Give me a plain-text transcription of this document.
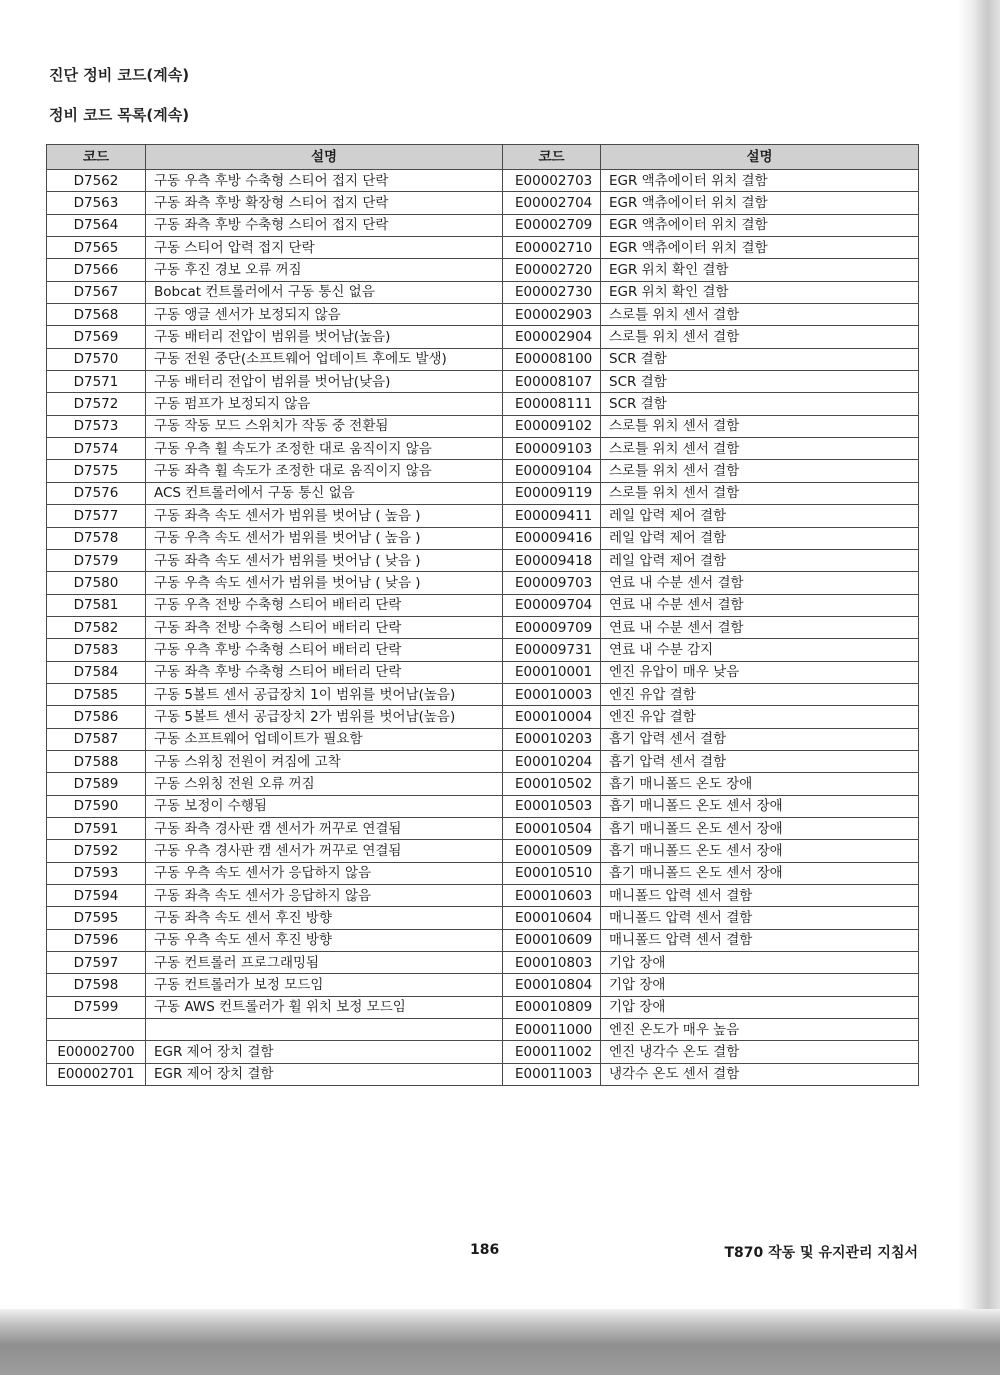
진단 정비 코드(계속)
정비 코드 목록(계속)
코드	설명	코드	설명
D7562	구동 우측 후방 수축형 스티어 접지 단락	E00002703	EGR 액츄에이터 위치 결함
D7563	구동 좌측 후방 확장형 스티어 접지 단락	E00002704	EGR 액츄에이터 위치 결함
D7564	구동 좌측 후방 수축형 스티어 접지 단락	E00002709	EGR 액츄에이터 위치 결함
D7565	구동 스티어 압력 접지 단락	E00002710	EGR 액츄에이터 위치 결함
D7566	구동 후진 경보 오류 꺼짐	E00002720	EGR 위치 확인 결함
D7567	Bobcat 컨트롤러에서 구동 통신 없음	E00002730	EGR 위치 확인 결함
D7568	구동 앵글 센서가 보정되지 않음	E00002903	스로틀 위치 센서 결함
D7569	구동 배터리 전압이 범위를 벗어남(높음)	E00002904	스로틀 위치 센서 결함
D7570	구동 전원 중단(소프트웨어 업데이트 후에도 발생)	E00008100	SCR 결함
D7571	구동 배터리 전압이 범위를 벗어남(낮음)	E00008107	SCR 결함
D7572	구동 펌프가 보정되지 않음	E00008111	SCR 결함
D7573	구동 작동 모드 스위치가 작동 중 전환됨	E00009102	스로틀 위치 센서 결함
D7574	구동 우측 휠 속도가 조정한 대로 움직이지 않음	E00009103	스로틀 위치 센서 결함
D7575	구동 좌측 휠 속도가 조정한 대로 움직이지 않음	E00009104	스로틀 위치 센서 결함
D7576	ACS 컨트롤러에서 구동 통신 없음	E00009119	스로틀 위치 센서 결함
D7577	구동 좌측 속도 센서가 범위를 벗어남 ( 높음 )	E00009411	레일 압력 제어 결함
D7578	구동 우측 속도 센서가 범위를 벗어남 ( 높음 )	E00009416	레일 압력 제어 결함
D7579	구동 좌측 속도 센서가 범위를 벗어남 ( 낮음 )	E00009418	레일 압력 제어 결함
D7580	구동 우측 속도 센서가 범위를 벗어남 ( 낮음 )	E00009703	연료 내 수분 센서 결함
D7581	구동 우측 전방 수축형 스티어 배터리 단락	E00009704	연료 내 수분 센서 결함
D7582	구동 좌측 전방 수축형 스티어 배터리 단락	E00009709	연료 내 수분 센서 결함
D7583	구동 우측 후방 수축형 스티어 배터리 단락	E00009731	연료 내 수분 감지
D7584	구동 좌측 후방 수축형 스티어 배터리 단락	E00010001	엔진 유압이 매우 낮음
D7585	구동 5볼트 센서 공급장치 1이 범위를 벗어남(높음)	E00010003	엔진 유압 결함
D7586	구동 5볼트 센서 공급장치 2가 범위를 벗어남(높음)	E00010004	엔진 유압 결함
D7587	구동 소프트웨어 업데이트가 필요함	E00010203	흡기 압력 센서 결함
D7588	구동 스위칭 전원이 켜짐에 고착	E00010204	흡기 압력 센서 결함
D7589	구동 스위칭 전원 오류 꺼짐	E00010502	흡기 매니폴드 온도 장애
D7590	구동 보정이 수행됨	E00010503	흡기 매니폴드 온도 센서 장애
D7591	구동 좌측 경사판 캠 센서가 꺼꾸로 연결됨	E00010504	흡기 매니폴드 온도 센서 장애
D7592	구동 우측 경사판 캠 센서가 꺼꾸로 연결됨	E00010509	흡기 매니폴드 온도 센서 장애
D7593	구동 우측 속도 센서가 응답하지 않음	E00010510	흡기 매니폴드 온도 센서 장애
D7594	구동 좌측 속도 센서가 응답하지 않음	E00010603	매니폴드 압력 센서 결함
D7595	구동 좌측 속도 센서 후진 방향	E00010604	매니폴드 압력 센서 결함
D7596	구동 우측 속도 센서 후진 방향	E00010609	매니폴드 압력 센서 결함
D7597	구동 컨트롤러 프로그래밍됨	E00010803	기압 장애
D7598	구동 컨트롤러가 보정 모드임	E00010804	기압 장애
D7599	구동 AWS 컨트롤러가 휠 위치 보정 모드임	E00010809	기압 장애
		E00011000	엔진 온도가 매우 높음
E00002700	EGR 제어 장치 결함	E00011002	엔진 냉각수 온도 결함
E00002701	EGR 제어 장치 결함	E00011003	냉각수 온도 센서 결함
186	T870 작동 및 유지관리 지침서
